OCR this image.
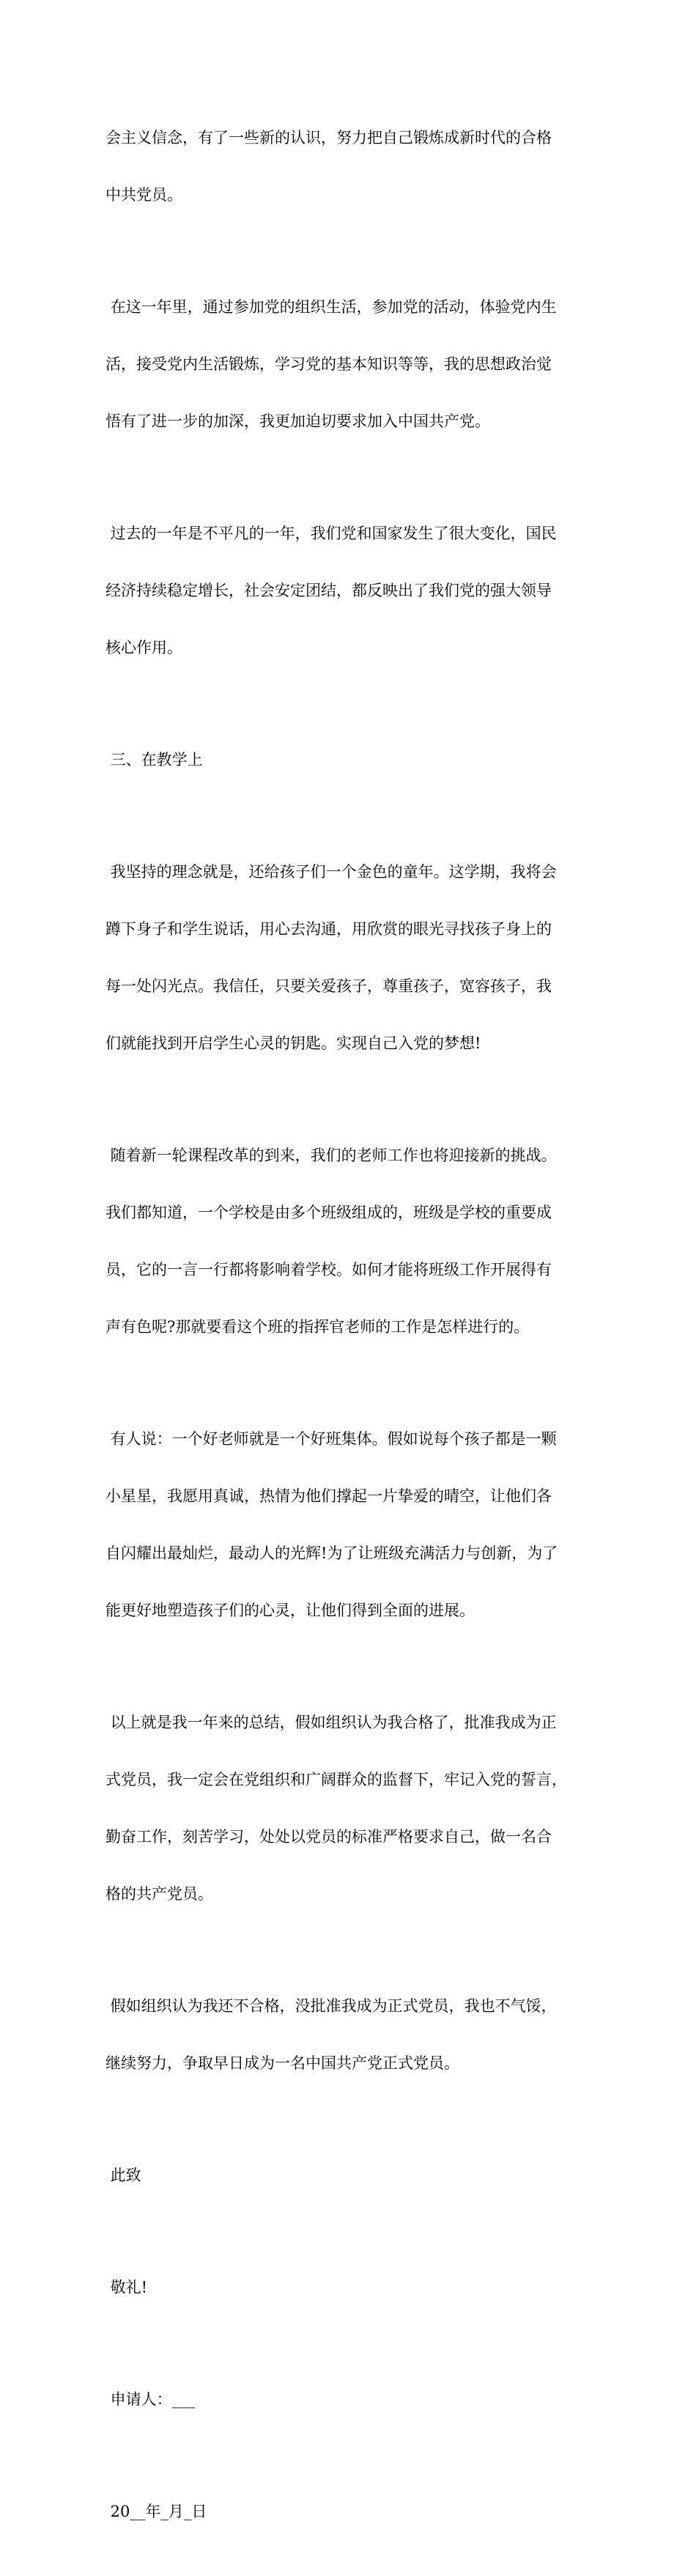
会主义信念，有了一些新的认识，努力把自己锻炼成新时代的合格

中共党员。

在这一年里，通过参加党的组织生活，参加党的活动，体验党内生

活，接受党内生活锻炼，学习党的基本知识等等，我的思想政治觉

悟有了进一步的加深，我更加迫切要求加入中国共产党。

过去的一年是不平凡的一年，我们党和国家发生了很大变化，国民

经济持续稳定增长，社会安定团结，都反映出了我们党的强大领导

核心作用。

三、在教学上

我坚持的理念就是，还给孩子们一个金色的童年。这学期，我将会

蹲下身子和学生说话，用心去沟通，用欣赏的眼光寻找孩子身上的

每一处闪光点。我信任，只要关爱孩子，尊重孩子，宽容孩子，我

们就能找到开启学生心灵的钥匙。实现自己入党的梦想!

随着新一轮课程改革的到来，我们的老师工作也将迎接新的挑战。

我们都知道，一个学校是由多个班级组成的，班级是学校的重要成

员，它的一言一行都将影响着学校。如何才能将班级工作开展得有

声有色呢?那就要看这个班的指挥官老师的工作是怎样进行的。

有人说：一个好老师就是一个好班集体。假如说每个孩子都是一颗

小星星，我愿用真诚，热情为他们撑起一片挚爱的晴空，让他们各

自闪耀出最灿烂，最动人的光辉!为了让班级充满活力与创新，为了

能更好地塑造孩子们的心灵，让他们得到全面的进展。

以上就是我一年来的总结，假如组织认为我合格了，批准我成为正

式党员，我一定会在党组织和广阔群众的监督下，牢记入党的誓言，

勤奋工作，刻苦学习，处处以党员的标准严格要求自己，做一名合

格的共产党员。

假如组织认为我还不合格，没批准我成为正式党员，我也不气馁，

继续努力，争取早日成为一名中国共产党正式党员。

此致

敬礼!

申请人：___

20__年_月_日
